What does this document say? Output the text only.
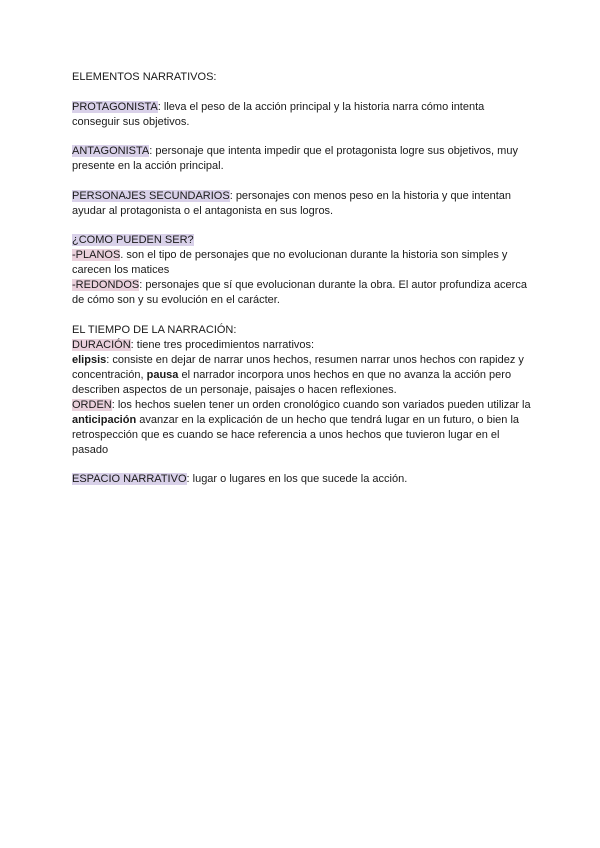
ELEMENTOS NARRATIVOS:

PROTAGONISTA: lleva el peso de la acción principal y la historia narra cómo intenta conseguir sus objetivos.

ANTAGONISTA: personaje que intenta impedir que el protagonista logre sus objetivos, muy presente en la acción principal.

PERSONAJES SECUNDARIOS: personajes con menos peso en la historia y que intentan ayudar al protagonista o el antagonista en sus logros.

¿COMO PUEDEN SER?

-PLANOS. son el tipo de personajes que no evolucionan durante la historia son simples y carecen los matices

-REDONDOS: personajes que sí que evolucionan durante la obra. El autor profundiza acerca de cómo son y su evolución en el carácter.

EL TIEMPO DE LA NARRACIÓN:

DURACIÓN: tiene tres procedimientos narrativos:

elipsis: consiste en dejar de narrar unos hechos, resumen narrar unos hechos con rapidez y concentración, pausa el narrador incorpora unos hechos en que no avanza la acción pero describen aspectos de un personaje, paisajes o hacen reflexiones.

ORDEN: los hechos suelen tener un orden cronológico cuando son variados pueden utilizar la anticipación avanzar en la explicación de un hecho que tendrá lugar en un futuro, o bien la retrospección que es cuando se hace referencia a unos hechos que tuvieron lugar en el pasado

ESPACIO NARRATIVO: lugar o lugares en los que sucede la acción.
